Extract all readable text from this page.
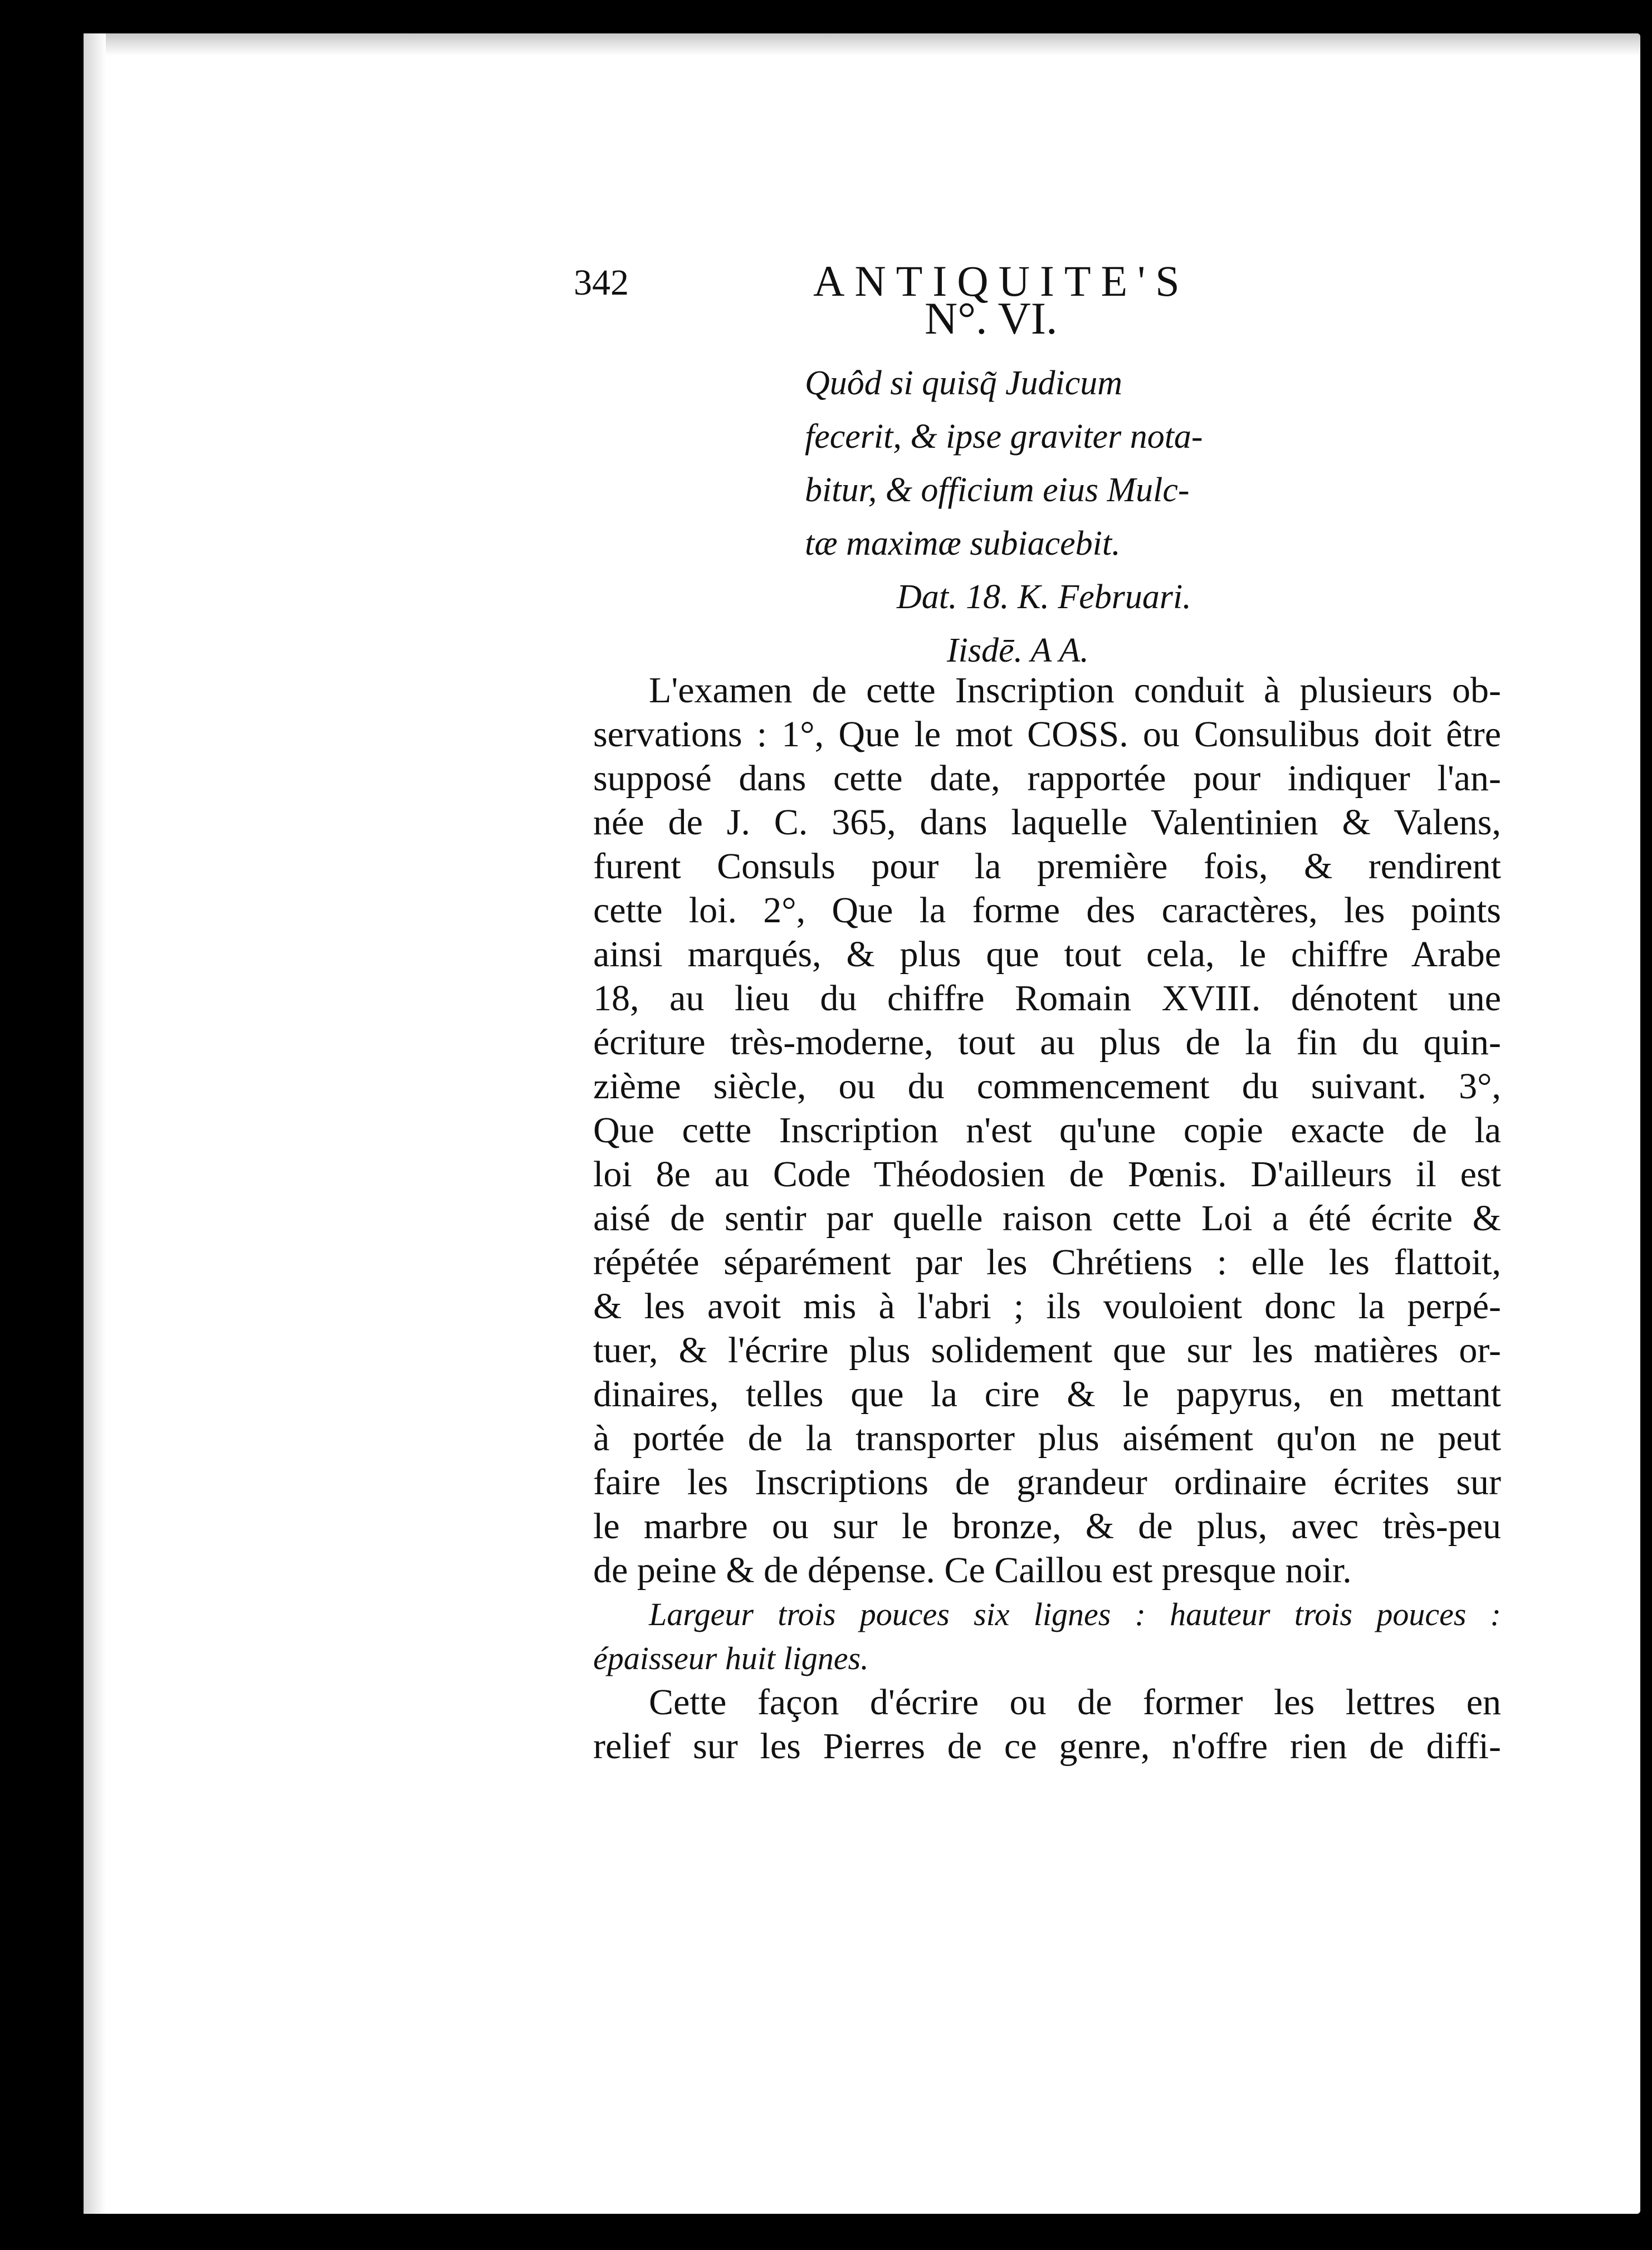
342	ANTIQUITE'S
N°. VI.
Quôd si quisq̃ Judicum
fecerit, & ipse graviter nota-
bitur, & officium eius Mulc-
tæ maximæ subiacebit.
Dat. 18. K. Februari.
Iisdē. A A.
L'examen de cette Inscription conduit à plusieurs ob-
servations : 1°, Que le mot COSS. ou Consulibus doit être
supposé dans cette date, rapportée pour indiquer l'an-
née de J. C. 365, dans laquelle Valentinien & Valens,
furent Consuls pour la première fois, & rendirent
cette loi. 2°, Que la forme des caractères, les points
ainsi marqués, & plus que tout cela, le chiffre Arabe
18, au lieu du chiffre Romain XVIII. dénotent une
écriture très-moderne, tout au plus de la fin du quin-
zième siècle, ou du commencement du suivant. 3°,
Que cette Inscription n'est qu'une copie exacte de la
loi 8e au Code Théodosien de Pœnis. D'ailleurs il est
aisé de sentir par quelle raison cette Loi a été écrite &
répétée séparément par les Chrétiens : elle les flattoit,
& les avoit mis à l'abri ; ils vouloient donc la perpé-
tuer, & l'écrire plus solidement que sur les matières or-
dinaires, telles que la cire & le papyrus, en mettant
à portée de la transporter plus aisément qu'on ne peut
faire les Inscriptions de grandeur ordinaire écrites sur
le marbre ou sur le bronze, & de plus, avec très-peu
de peine & de dépense. Ce Caillou est presque noir.
Largeur trois pouces six lignes : hauteur trois pouces :
épaisseur huit lignes.
Cette façon d'écrire ou de former les lettres en
relief sur les Pierres de ce genre, n'offre rien de diffi-
